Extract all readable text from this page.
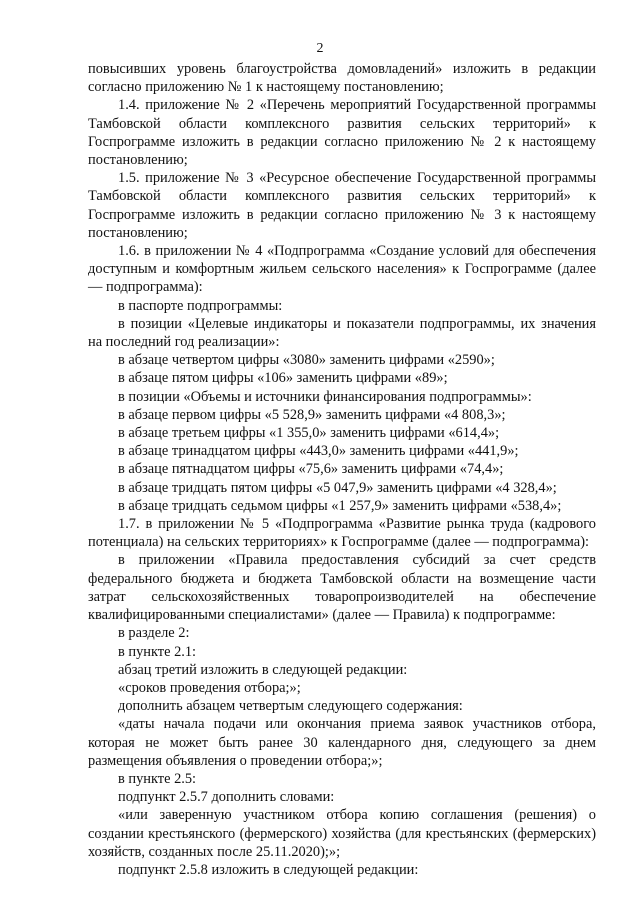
2

повысивших уровень благоустройства домовладений» изложить в редакции согласно приложению № 1 к настоящему постановлению;

1.4. приложение № 2 «Перечень мероприятий Государственной программы Тамбовской области комплексного развития сельских территорий» к Госпрограмме изложить в редакции согласно приложению № 2 к настоящему постановлению;

1.5. приложение № 3 «Ресурсное обеспечение Государственной программы Тамбовской области комплексного развития сельских территорий» к Госпрограмме изложить в редакции согласно приложению № 3 к настоящему постановлению;

1.6. в приложении № 4 «Подпрограмма «Создание условий для обеспечения доступным и комфортным жильем сельского населения» к Госпрограмме (далее — подпрограмма):

в паспорте подпрограммы:

в позиции «Целевые индикаторы и показатели подпрограммы, их значения на последний год реализации»:

в абзаце четвертом цифры «3080» заменить цифрами «2590»;

в абзаце пятом цифры «106» заменить цифрами «89»;

в позиции «Объемы и источники финансирования подпрограммы»:

в абзаце первом цифры «5 528,9» заменить цифрами «4 808,3»;

в абзаце третьем цифры «1 355,0» заменить цифрами «614,4»;

в абзаце тринадцатом цифры «443,0» заменить цифрами «441,9»;

в абзаце пятнадцатом цифры «75,6» заменить цифрами «74,4»;

в абзаце тридцать пятом цифры «5 047,9» заменить цифрами «4 328,4»;

в абзаце тридцать седьмом цифры «1 257,9» заменить цифрами «538,4»;

1.7. в приложении № 5 «Подпрограмма «Развитие рынка труда (кадрового потенциала) на сельских территориях» к Госпрограмме (далее — подпрограмма):

в приложении «Правила предоставления субсидий за счет средств федерального бюджета и бюджета Тамбовской области на возмещение части затрат сельскохозяйственных товаропроизводителей на обеспечение квалифицированными специалистами» (далее — Правила) к подпрограмме:

в разделе 2:

в пункте 2.1:

абзац третий изложить в следующей редакции:

«сроков проведения отбора;»;

дополнить абзацем четвертым следующего содержания:

«даты начала подачи или окончания приема заявок участников отбора, которая не может быть ранее 30 календарного дня, следующего за днем размещения объявления о проведении отбора;»;

в пункте 2.5:

подпункт 2.5.7 дополнить словами:

«или заверенную участником отбора копию соглашения (решения) о создании крестьянского (фермерского) хозяйства (для крестьянских (фермерских) хозяйств, созданных после 25.11.2020);»;

подпункт 2.5.8 изложить в следующей редакции:
